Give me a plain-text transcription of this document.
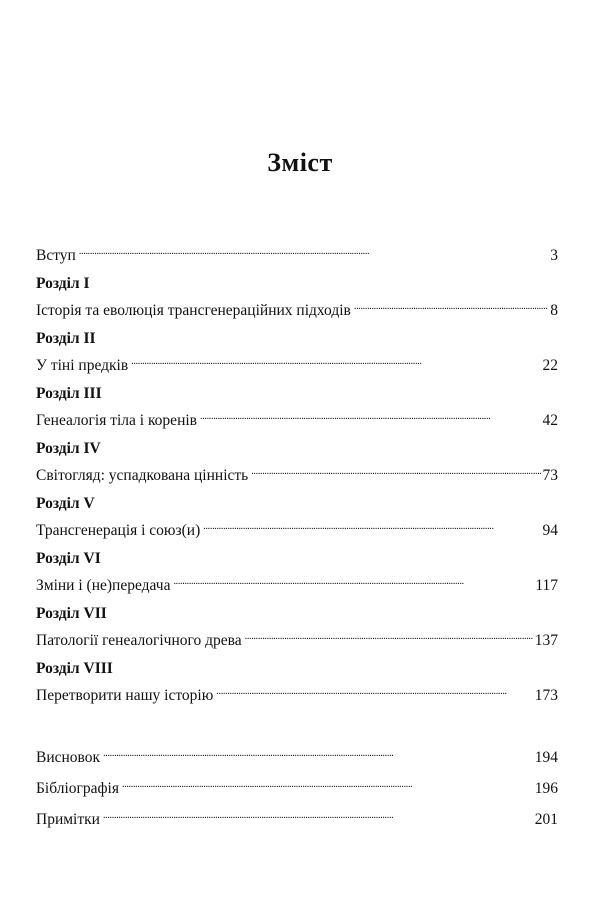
Зміст
Вступ . . .	3
Розділ I
Історія та еволюція трансгенераційних підходів . . .	8
Розділ II
У тіні предків . . .	22
Розділ III
Генеалогія тіла і коренів . . .	42
Розділ IV
Світогляд: успадкована цінність . . .	73
Розділ V
Трансгенерація і союз(и) . . .	94
Розділ VI
Зміни і (не)передача . . .	117
Розділ VII
Патології генеалогічного древа . . .	137
Розділ VIII
Перетворити нашу історію . . .	173
Висновок . . .	194
Бібліографія . . .	196
Примітки . . .	201
